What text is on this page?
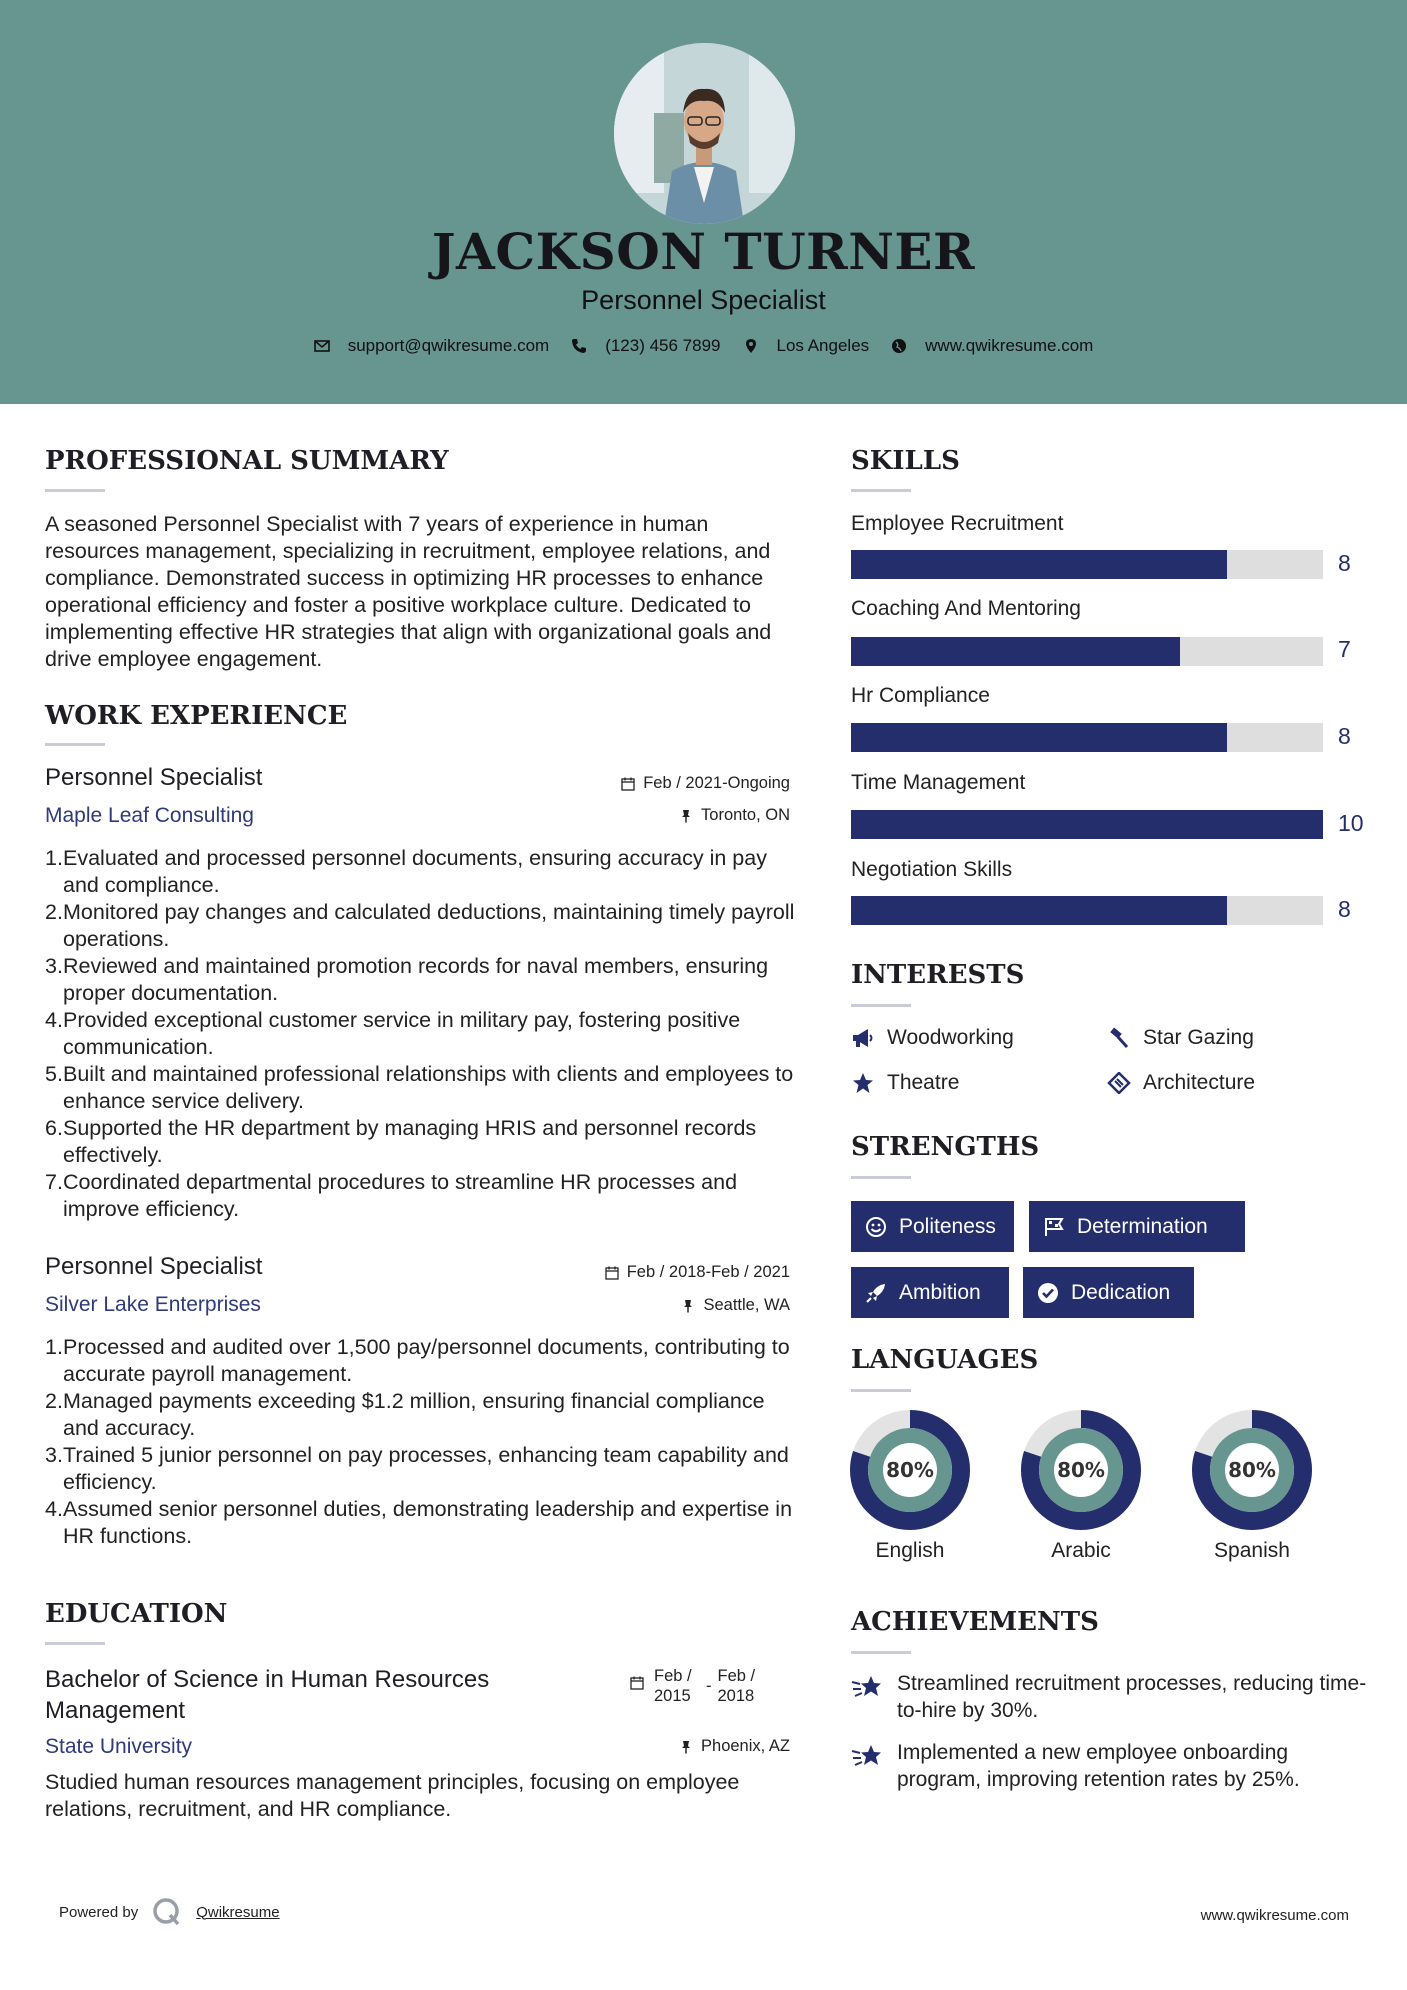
JACKSON TURNER
Personnel Specialist
support@qwikresume.com	(123) 456 7899	Los Angeles	www.qwikresume.com
PROFESSIONAL SUMMARY
A seasoned Personnel Specialist with 7 years of experience in human resources management, specializing in recruitment, employee relations, and compliance. Demonstrated success in optimizing HR processes to enhance operational efficiency and foster a positive workplace culture. Dedicated to implementing effective HR strategies that align with organizational goals and drive employee engagement.
WORK EXPERIENCE
Personnel Specialist	Feb / 2021-Ongoing
Maple Leaf Consulting	Toronto, ON
1. Evaluated and processed personnel documents, ensuring accuracy in pay and compliance.
2. Monitored pay changes and calculated deductions, maintaining timely payroll operations.
3. Reviewed and maintained promotion records for naval members, ensuring proper documentation.
4. Provided exceptional customer service in military pay, fostering positive communication.
5. Built and maintained professional relationships with clients and employees to enhance service delivery.
6. Supported the HR department by managing HRIS and personnel records effectively.
7. Coordinated departmental procedures to streamline HR processes and improve efficiency.
Personnel Specialist	Feb / 2018-Feb / 2021
Silver Lake Enterprises	Seattle, WA
1. Processed and audited over 1,500 pay/personnel documents, contributing to accurate payroll management.
2. Managed payments exceeding $1.2 million, ensuring financial compliance and accuracy.
3. Trained 5 junior personnel on pay processes, enhancing team capability and efficiency.
4. Assumed senior personnel duties, demonstrating leadership and expertise in HR functions.
EDUCATION
Bachelor of Science in Human Resources Management
Feb / 2015
-
Feb / 2018
State University	Phoenix, AZ
Studied human resources management principles, focusing on employee relations, recruitment, and HR compliance.
SKILLS
Employee Recruitment
8
Coaching And Mentoring
7
Hr Compliance
8
Time Management
10
Negotiation Skills
8
INTERESTS
Woodworking	Star Gazing
Theatre	Architecture
STRENGTHS
Politeness	Determination
Ambition	Dedication
LANGUAGES
80%
English
80%
Arabic
80%
Spanish
ACHIEVEMENTS
Streamlined recruitment processes, reducing time-to-hire by 30%.
Implemented a new employee onboarding program, improving retention rates by 25%.
Powered by	Qwikresume	www.qwikresume.com
